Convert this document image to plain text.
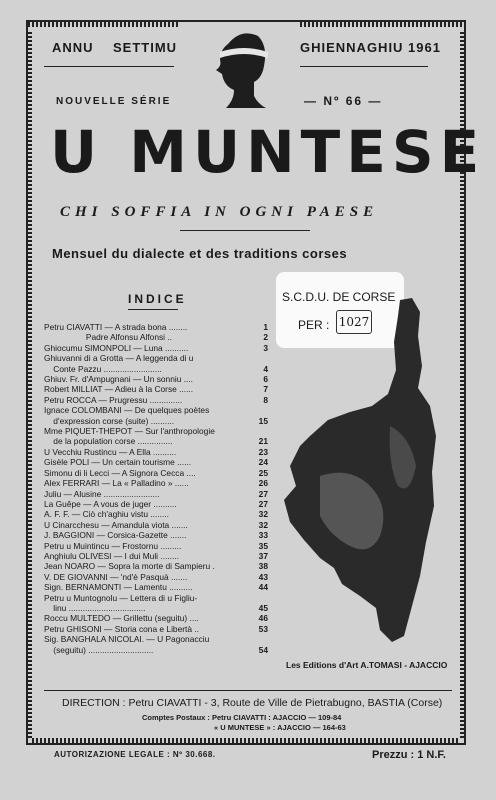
ANNU SETTIMU	GHIENNAGHIU 1961
NOUVELLE SÉRIE	— Nº 66 —
U MUNTESE
CHI SOFFIA IN OGNI PAESE
Mensuel du dialecte et des traditions corses
INDICE
Petru CIAVATTI — A strada bona ........	1
Padre Alfonsu Alfonsi ..	2
Ghiocumu SIMONPOLI — Luna ..........	3
Ghiuvanni di a Grotta — A leggenda di u
Conte Pazzu .........................	4
Ghiuv. Fr. d'Ampugnani — Un sonniu ....	6
Robert MILLIAT — Adieu à la Corse ......	7
Petru ROCCA — Prugressu ..............	8
Ignace COLOMBANI — De quelques poètes
d'expression corse (suite) ..........	15
Mme PIQUET-THEPOT — Sur l'anthropologie
de la population corse ...............	21
U Vecchiu Rustincu — A Ella ..........	23
Gisèle POLI — Un certain tourisme ......	24
Simonu di li Lecci — A Signora Cecca ....	25
Alex FERRARI — La « Palladino » ......	26
Juliu — Alusine ........................	27
La Guêpe — A vous de juger ..........	27
A. F. F. — Ciò ch'aghiu vistu ........	32
U Cinarcchesu — Amandula viota .......	32
J. BAGGIONI — Corsica-Gazette .......	33
Petru u Muintincu — Frostornu .........	35
Anghiulu OLIVESI — I dui Muli ........	37
Jean NOARO — Sopra la morte di Sampieru .	38
V. DE GIOVANNI — 'nd'è Pasquà .......	43
Sign. BERNAMONTI — Lamentu ..........	44
Petru u Muntognolu — Lettera di u Figliu-
linu .................................	45
Roccu MULTEDO — Grillettu (seguitu) ....	46
Petru GHISONI — Storia cona e Libertà ..	53
Sig. BANGHALA NICOLAI. — U Pagonacciu
(seguitu) ............................	54
S.C.D.U. DE CORSE
PER : 1027
Les Editions d'Art A.TOMASI - AJACCIO
DIRECTION : Petru CIAVATTI - 3, Route de Ville de Pietrabugno, BASTIA (Corse)
Comptes Postaux : Petru CIAVATTI : AJACCIO — 109-84
« U MUNTESE » : AJACCIO — 164-63
AUTORIZAZIONE LEGALE : Nº 30.668.	Prezzu : 1 N.F.
